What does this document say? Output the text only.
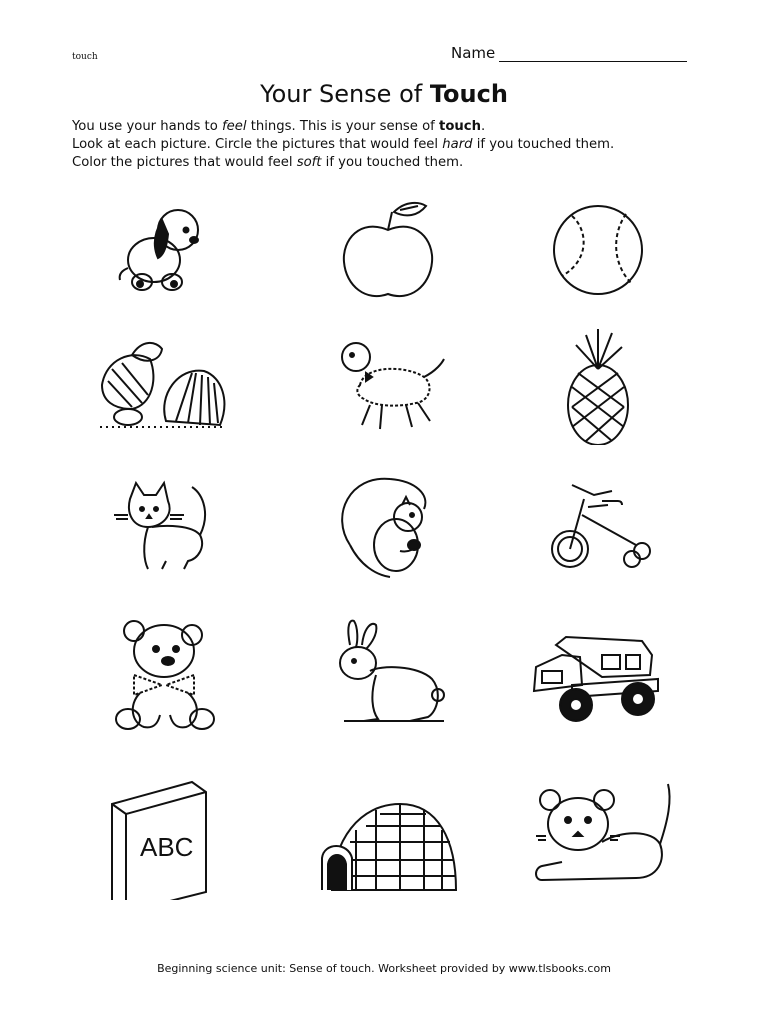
touch	Name
Your Sense of Touch
You use your hands to feel things. This is your sense of touch.
Look at each picture. Circle the pictures that would feel hard if you touched them.
Color the pictures that would feel soft if you touched them.
ABC
Beginning science unit: Sense of touch. Worksheet provided by www.tlsbooks.com
